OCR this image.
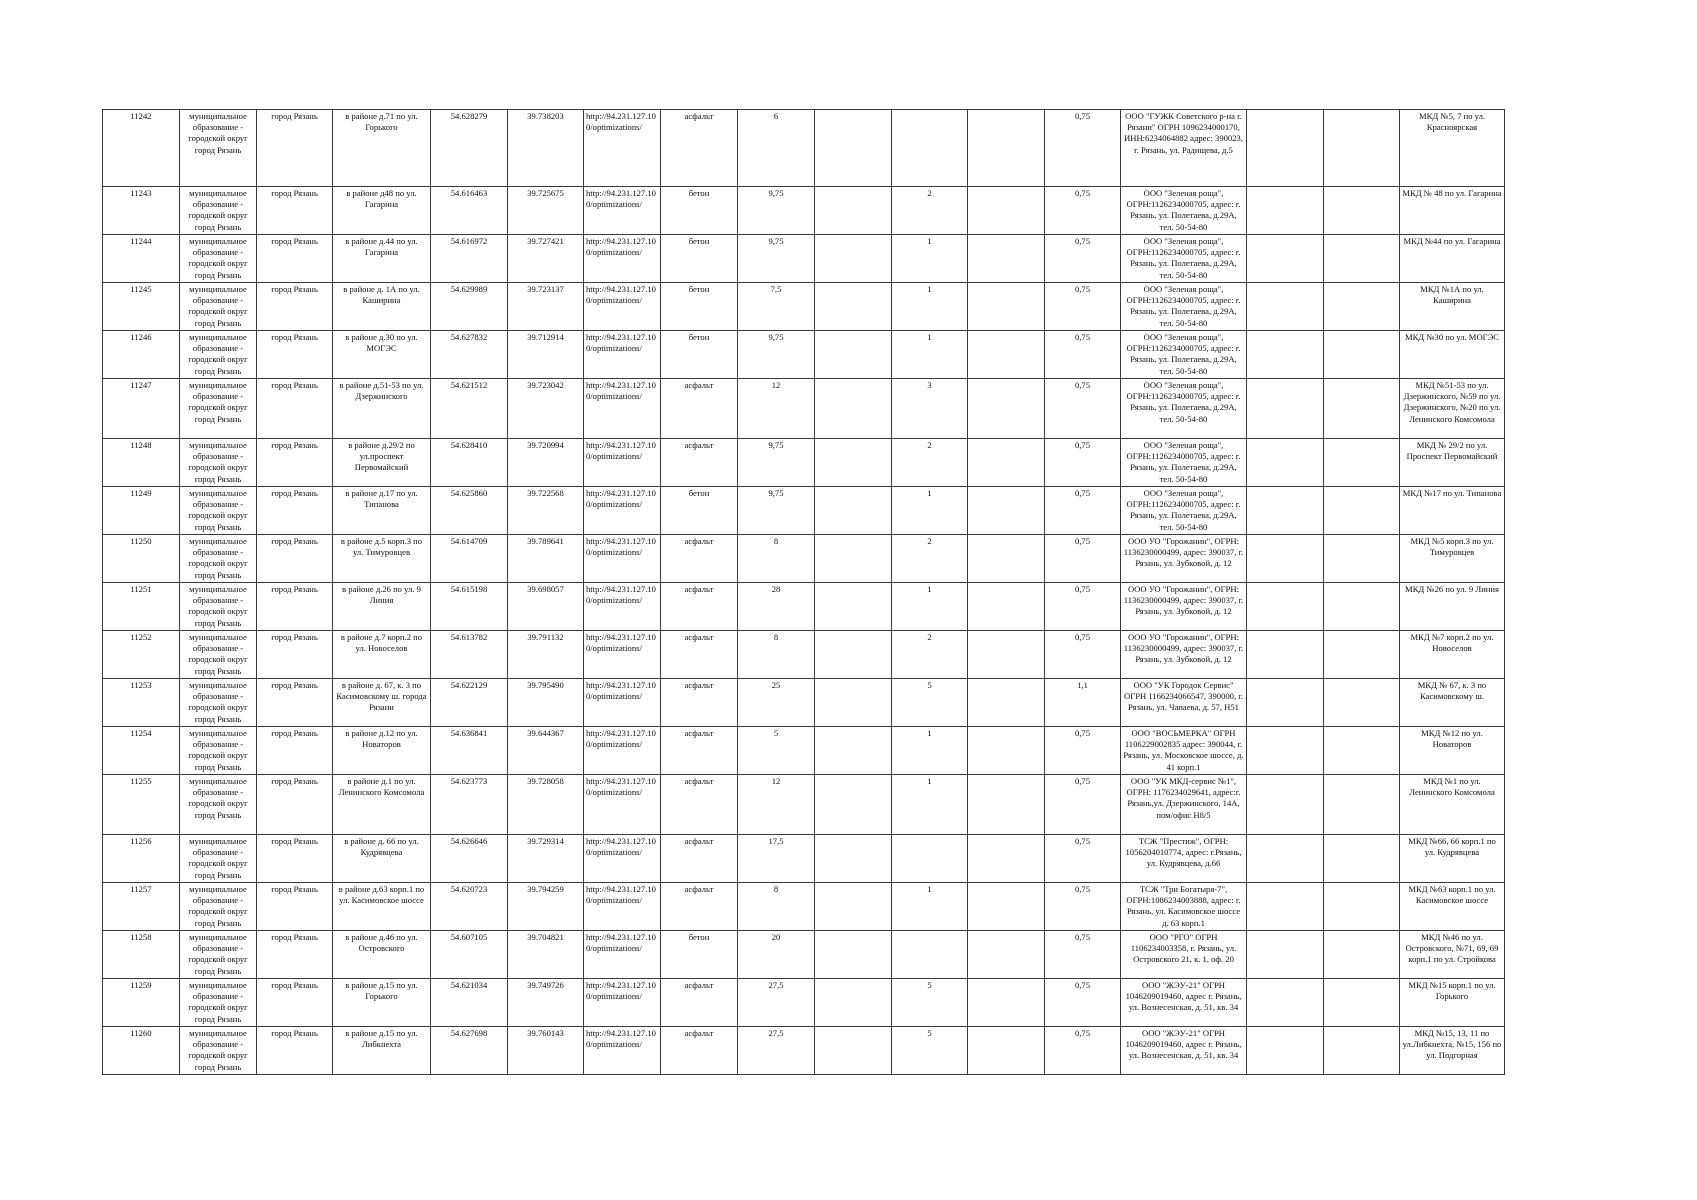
11242	муниципальное образование - городской округ город Рязань	город Рязань	в районе д.71 по ул. Горького	54.628279	39.738203	http://94.231.127.10 0/optimizations/	асфальт	6				0,75	ООО "ГУЖК Советского р-на г. Рязани" ОГРН 1096234000170, ИНН:6234064882 адрес: 390023, г. Рязань, ул. Радищева, д.5			МКД №5, 7 по ул. Красноярская
11243	муниципальное образование - городской округ город Рязань	город Рязань	в районе д48 по ул. Гагарина	54.616463	39.725675	http://94.231.127.10 0/optimizations/	бетон	9,75		2		0,75	ООО "Зеленая роща", ОГРН:1126234000705, адрес: г. Рязань, ул. Полетаева, д.29А, тел. 50-54-80			МКД № 48 по ул. Гагарина
11244	муниципальное образование - городской округ город Рязань	город Рязань	в районе д.44 по ул. Гагарина	54.616972	39.727421	http://94.231.127.10 0/optimizations/	бетон	9,75		1		0,75	ООО "Зеленая роща", ОГРН:1126234000705, адрес: г. Рязань, ул. Полетаева, д.29А, тел. 50-54-80			МКД №44 по ул. Гагарина
11245	муниципальное образование - городской округ город Рязань	город Рязань	в районе д. 1А по ул. Каширина	54.629989	39.723137	http://94.231.127.10 0/optimizations/	бетон	7,5		1		0,75	ООО "Зеленая роща", ОГРН:1126234000705, адрес: г. Рязань, ул. Полетаева, д.29А, тел. 50-54-80			МКД №1А по ул. Каширина
11246	муниципальное образование - городской округ город Рязань	город Рязань	в районе д.30 по ул. МОГЭС	54.627832	39.712914	http://94.231.127.10 0/optimizations/	бетон	9,75		1		0,75	ООО "Зеленая роща", ОГРН:1126234000705, адрес: г. Рязань, ул. Полетаева, д.29А, тел. 50-54-80			МКД №30 по ул. МОГЭС
11247	муниципальное образование - городской округ город Рязань	город Рязань	в районе д.51-53 по ул. Дзержинского	54.621512	39.723042	http://94.231.127.10 0/optimizations/	асфальт	12		3		0,75	ООО "Зеленая роща", ОГРН:1126234000705, адрес: г. Рязань, ул. Полетаева, д.29А, тел. 50-54-80			МКД №51-53 по ул. Дзержинского, №59 по ул. Дзержинского, №20 по ул. Ленинского Комсомола
11248	муниципальное образование - городской округ город Рязань	город Рязань	в районе д.29/2 по ул.проспект Первомайский	54.628410	39.720994	http://94.231.127.10 0/optimizations/	асфальт	9,75		2		0,75	ООО "Зеленая роща", ОГРН:1126234000705, адрес: г. Рязань, ул. Полетаева, д.29А, тел. 50-54-80			МКД № 29/2 по ул. Проспект Первомайский
11249	муниципальное образование - городской округ город Рязань	город Рязань	в районе д.17 по ул. Типанова	54.625860	39.722568	http://94.231.127.10 0/optimizations/	бетон	9,75		1		0,75	ООО "Зеленая роща", ОГРН:1126234000705, адрес: г. Рязань, ул. Полетаева, д.29А, тел. 50-54-80			МКД №17 по ул. Типанова
11250	муниципальное образование - городской округ город Рязань	город Рязань	в районе д.5 корп.3 по ул. Тимуровцев	54.614709	39.789641	http://94.231.127.10 0/optimizations/	асфальт	8		2		0,75	ООО УО "Горожанин", ОГРН: 1136230000499, адрес: 390037, г. Рязань, ул. Зубковой, д. 12			МКД №5 корп.3 по ул. Тимуровцев
11251	муниципальное образование - городской округ город Рязань	город Рязань	в районе д.26 по ул. 9 Линия	54.615198	39.698057	http://94.231.127.10 0/optimizations/	асфальт	28		1		0,75	ООО УО "Горожанин", ОГРН: 1136230000499, адрес: 390037, г. Рязань, ул. Зубковой, д. 12			МКД №26 по ул. 9 Линия
11252	муниципальное образование - городской округ город Рязань	город Рязань	в районе д.7 корп.2 по ул. Новоселов	54.613782	39.791132	http://94.231.127.10 0/optimizations/	асфальт	8		2		0,75	ООО УО "Горожанин", ОГРН: 1136230000499, адрес: 390037, г. Рязань, ул. Зубковой, д. 12			МКД №7 корп.2 по ул. Новоселов
11253	муниципальное образование - городской округ город Рязань	город Рязань	в районе д. 67, к. 3 по Касимовскому ш. города Рязани	54.622129	39.795490	http://94.231.127.10 0/optimizations/	асфальт	25		5		1,1	ООО "УК Городок Сервис" ОГРН 1166234066547, 390000, г. Рязань, ул. Чапаева, д. 57, Н51			МКД № 67, к. 3 по Касимовскому ш.
11254	муниципальное образование - городской округ город Рязань	город Рязань	в районе д.12 по ул. Новаторов	54.636841	39.644367	http://94.231.127.10 0/optimizations/	асфальт	5		1		0,75	ООО "ВОСЬМЕРКА" ОГРН 1106229002835 адрес: 390044, г. Рязань, ул. Московское шоссе, д. 41 корп.1			МКД №12 по ул. Новаторов
11255	муниципальное образование - городской округ город Рязань	город Рязань	в районе д.1 по ул. Ленинского Комсомола	54.623773	39.728058	http://94.231.127.10 0/optimizations/	асфальт	12		1		0,75	ООО "УК МКД-сервис №1", ОГРН: 1176234029641, адрес:г. Рязань,ул. Дзержинского, 14А, пом/офис Н8/5			МКД №1 по ул. Ленинского Комсомола
11256	муниципальное образование - городской округ город Рязань	город Рязань	в районе д. 66 по ул. Кудрявцева	54.626646	39.729314	http://94.231.127.10 0/optimizations/	асфальт	17,5				0,75	ТСЖ "Престиж", ОГРН: 1056204010774, адрес: г.Рязань, ул. Кудрявцева, д.66			МКД №66, 66 корп.1 по ул. Кудрявцева
11257	муниципальное образование - городской округ город Рязань	город Рязань	в районе д.63 корп.1 по ул. Касимовское шоссе	54.620723	39.794259	http://94.231.127.10 0/optimizations/	асфальт	8		1		0,75	ТСЖ "Три Богатыря-7", ОГРН:1086234003888, адрес: г. Рязань, ул. Касимовское шоссе д. 63 корп.1			МКД №63 корп.1 по ул. Касимовское шоссе
11258	муниципальное образование - городской округ город Рязань	город Рязань	в районе д.46 по ул. Островского	54.607105	39.704821	http://94.231.127.10 0/optimizations/	бетон	20				0,75	ООО "РГО" ОГРН 1106234003358, г. Рязань, ул. Островского 21, к. 1, оф. 20			МКД №46 по ул. Островского, №71, 69, 69 корп.1 по ул. Стройкова
11259	муниципальное образование - городской округ город Рязань	город Рязань	в районе д.15 по ул. Горького	54.621034	39.749726	http://94.231.127.10 0/optimizations/	асфальт	27,5		5		0,75	ООО "ЖЭУ-21" ОГРН 1046209019460, адрес г. Рязань, ул. Вознесенская, д. 51, кв. 34			МКД №15 корп.1 по ул. Горького
11260	муниципальное образование - городской округ город Рязань	город Рязань	в районе д.15 по ул. Либкнехта	54.627698	39.760143	http://94.231.127.10 0/optimizations/	асфальт	27,5		5		0,75	ООО "ЖЭУ-21" ОГРН 1046209019460, адрес г. Рязань, ул. Вознесенская, д. 51, кв. 34			МКД №15, 13, 11 по ул.Либкнехта, №15, 156 по ул. Подгорная
